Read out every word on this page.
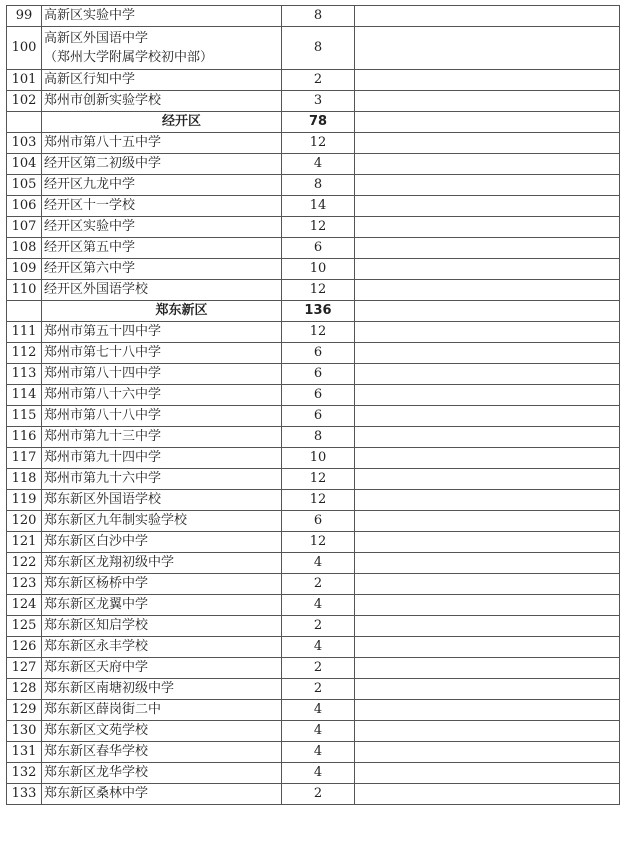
99	高新区实验中学	8	
100	高新区外国语中学
（郑州大学附属学校初中部）	8	
101	高新区行知中学	2	
102	郑州市创新实验学校	3	
	经开区	78	
103	郑州市第八十五中学	12	
104	经开区第二初级中学	4	
105	经开区九龙中学	8	
106	经开区十一学校	14	
107	经开区实验中学	12	
108	经开区第五中学	6	
109	经开区第六中学	10	
110	经开区外国语学校	12	
	郑东新区	136	
111	郑州市第五十四中学	12	
112	郑州市第七十八中学	6	
113	郑州市第八十四中学	6	
114	郑州市第八十六中学	6	
115	郑州市第八十八中学	6	
116	郑州市第九十三中学	8	
117	郑州市第九十四中学	10	
118	郑州市第九十六中学	12	
119	郑东新区外国语学校	12	
120	郑东新区九年制实验学校	6	
121	郑东新区白沙中学	12	
122	郑东新区龙翔初级中学	4	
123	郑东新区杨桥中学	2	
124	郑东新区龙翼中学	4	
125	郑东新区知启学校	2	
126	郑东新区永丰学校	4	
127	郑东新区天府中学	2	
128	郑东新区南塘初级中学	2	
129	郑东新区薛岗街二中	4	
130	郑东新区文苑学校	4	
131	郑东新区春华学校	4	
132	郑东新区龙华学校	4	
133	郑东新区桑林中学	2	
